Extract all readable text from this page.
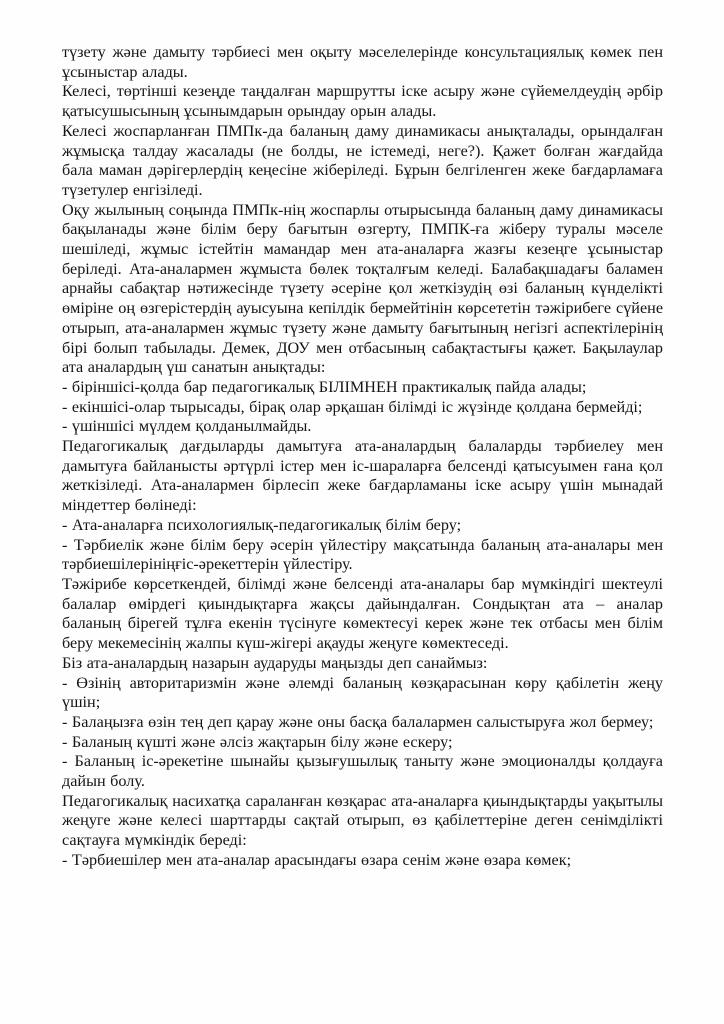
түзету және дамыту тәрбиесі мен оқыту мәселелерінде консультациялық көмек пен ұсыныстар алады.

Келесі, төртінші кезеңде таңдалған маршрутты іске асыру және сүйемелдеудің әрбір қатысушысының ұсынымдарын орындау орын алады.

Келесі жоспарланған ПМПк-да баланың даму динамикасы анықталады, орындалған жұмысқа талдау жасалады (не болды, не істемеді, неге?). Қажет болған жағдайда бала маман дәрігерлердің кеңесіне жіберіледі. Бұрын белгіленген жеке бағдарламаға түзетулер енгізіледі.

Оқу жылының соңында ПМПк-нің жоспарлы отырысында баланың даму динамикасы бақыланады және білім беру бағытын өзгерту, ПМПК-ға жіберу туралы мәселе шешіледі, жұмыс істейтін мамандар мен ата-аналарға жазғы кезеңге ұсыныстар беріледі. Ата-аналармен жұмыста бөлек тоқталғым келеді. Балабақшадағы баламен арнайы сабақтар нәтижесінде түзету әсеріне қол жеткізудің өзі баланың күнделікті өміріне оң өзгерістердің ауысуына кепілдік бермейтінін көрсететін тәжірибеге сүйене отырып, ата-аналармен жұмыс түзету және дамыту бағытының негізгі аспектілерінің бірі болып табылады. Демек, ДОУ мен отбасының сабақтастығы қажет. Бақылаулар ата аналардың үш санатын анықтады:

- біріншісі-қолда бар педагогикалық БІЛІМНЕН практикалық пайда алады;

- екіншісі-олар тырысады, бірақ олар әрқашан білімді іс жүзінде қолдана бермейді;

- үшіншісі мүлдем қолданылмайды.

Педагогикалық дағдыларды дамытуға ата-аналардың балаларды тәрбиелеу мен дамытуға байланысты әртүрлі істер мен іс-шараларға белсенді қатысуымен ғана қол жеткізіледі. Ата-аналармен бірлесіп жеке бағдарламаны іске асыру үшін мынадай міндеттер бөлінеді:

- Ата-аналарға психологиялық-педагогикалық білім беру;

- Тәрбиелік және білім беру әсерін үйлестіру мақсатында баланың ата-аналары мен тәрбиешілерініңғіс-әрекеттерін үйлестіру.

Тәжірибе көрсеткендей, білімді және белсенді ата-аналары бар мүмкіндігі шектеулі балалар өмірдегі қиындықтарға жақсы дайындалған. Сондықтан ата – аналар баланың бірегей тұлға екенін түсінуге көмектесуі керек және тек отбасы мен білім беру мекемесінің жалпы күш-жігері ақауды жеңуге көмектеседі.

Біз ата-аналардың назарын аударуды маңызды деп санаймыз:

- Өзінің авторитаризмін және әлемді баланың көзқарасынан көру қабілетін жеңу үшін;

- Балаңызға өзін тең деп қарау және оны басқа балалармен салыстыруға жол бермеу;

- Баланың күшті және әлсіз жақтарын білу және ескеру;

- Баланың іс-әрекетіне шынайы қызығушылық таныту және эмоционалды қолдауға дайын болу.

Педагогикалық насихатқа сараланған көзқарас ата-аналарға қиындықтарды уақытылы жеңуге және келесі шарттарды сақтай отырып, өз қабілеттеріне деген сенімділікті сақтауға мүмкіндік береді:

- Тәрбиешілер мен ата-аналар арасындағы өзара сенім және өзара көмек;
